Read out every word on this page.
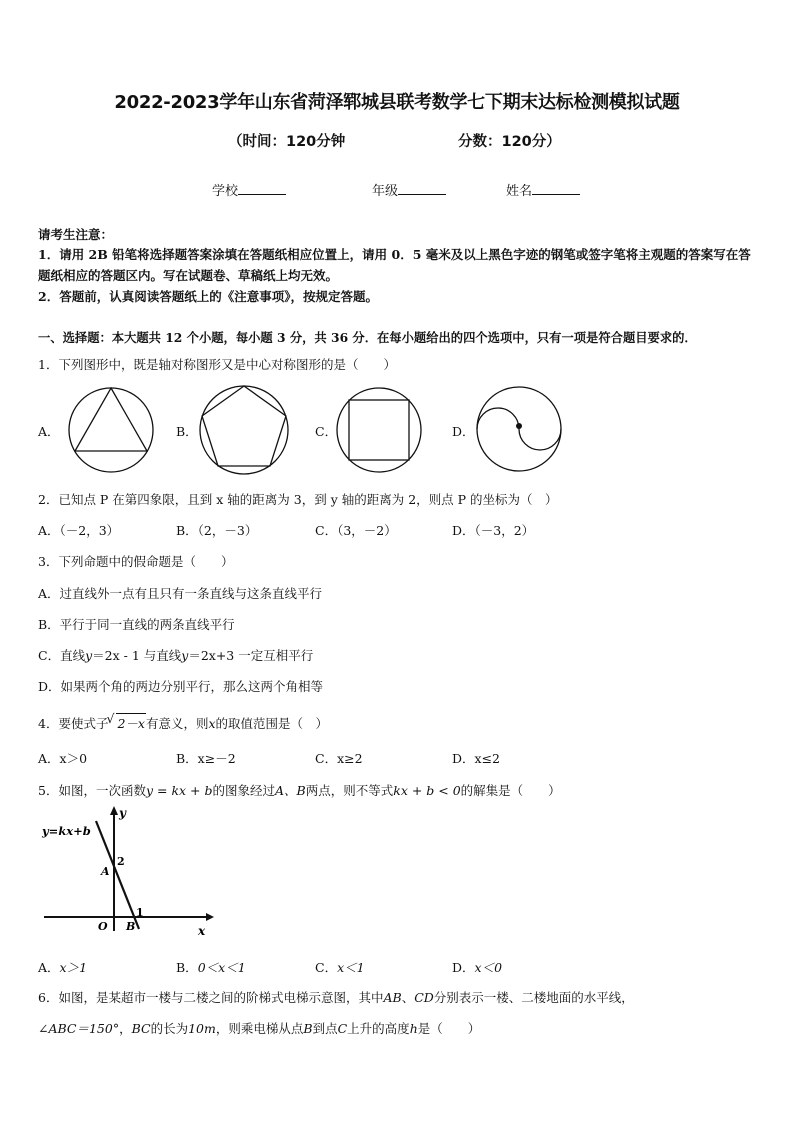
2022-2023学年山东省菏泽郓城县联考数学七下期末达标检测模拟试题
（时间：120分钟	分数：120分）
学校	年级	姓名
请考生注意：
1．请用 2B 铅笔将选择题答案涂填在答题纸相应位置上，请用 0．5 毫米及以上黑色字迹的钢笔或签字笔将主观题的答案写在答题纸相应的答题区内。写在试题卷、草稿纸上均无效。
2．答题前，认真阅读答题纸上的《注意事项》，按规定答题。
一、选择题：本大题共 12 个小题，每小题 3 分，共 36 分．在每小题给出的四个选项中，只有一项是符合题目要求的．
1．下列图形中，既是轴对称图形又是中心对称图形的是（　　）
A．	B．	C．	D．
2．已知点 P 在第四象限，且到 x 轴的距离为 3，到 y 轴的距离为 2，则点 P 的坐标为（　）
A．（－2，3）	B．（2，－3）	C．（3，－2）	D．（－3，2）
3．下列命题中的假命题是（　　）
A．过直线外一点有且只有一条直线与这条直线平行
B．平行于同一直线的两条直线平行
C．直线y＝2x - 1 与直线y＝2x+3 一定互相平行
D．如果两个角的两边分别平行，那么这两个角相等
4．要使式子√ 2－x有意义，则x的取值范围是（　）
A．x＞0	B．x≥－2	C．x≥2	D．x≤2
5．如图，一次函数y = kx + b的图象经过A、B两点，则不等式kx + b < 0的解集是（　　）
y=kx+b
y
x
O
A
B
2
1
A．x＞1	B．0＜x＜1	C．x＜1	D．x＜0
6．如图，是某超市一楼与二楼之间的阶梯式电梯示意图，其中AB、CD分别表示一楼、二楼地面的水平线，
∠ABC＝150°，BC的长为10m，则乘电梯从点B到点C上升的高度h是（　　）
